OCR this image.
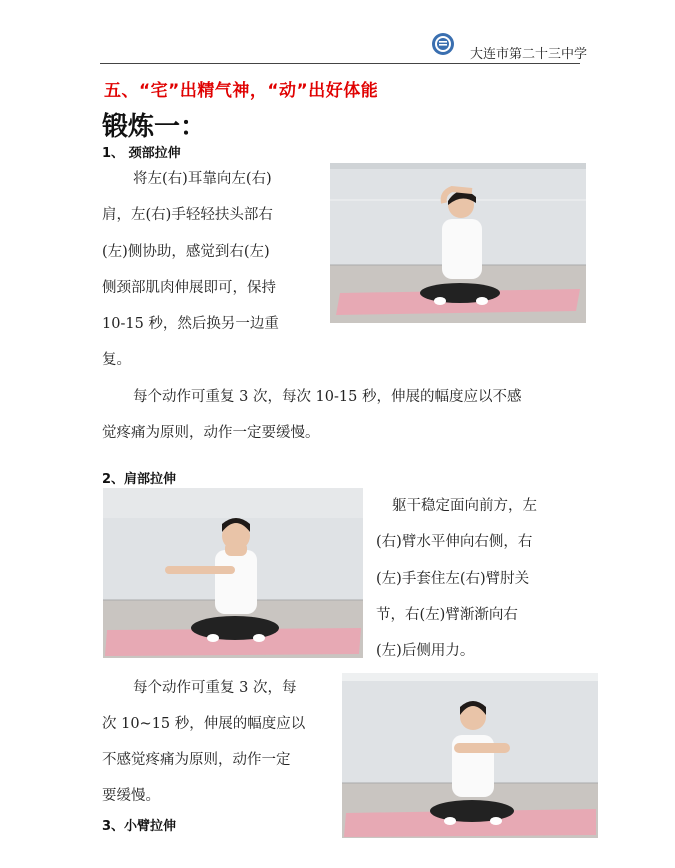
大连市第二十三中学
五、“宅”出精气神，“动”出好体能
锻炼一：
1、 颈部拉伸
将左(右)耳靠向左(右)
肩，左(右)手轻轻扶头部右
(左)侧协助，感觉到右(左)
侧颈部肌肉伸展即可，保持
10-15 秒，然后换另一边重
复。
每个动作可重复 3 次，每次 10-15 秒，伸展的幅度应以不感
觉疼痛为原则，动作一定要缓慢。
2、肩部拉伸
躯干稳定面向前方，左
(右)臂水平伸向右侧，右
(左)手套住左(右)臂肘关
节，右(左)臂渐渐向右
(左)后侧用力。
每个动作可重复 3 次，每
次 10~15 秒，伸展的幅度应以
不感觉疼痛为原则，动作一定
要缓慢。
3、小臂拉伸
